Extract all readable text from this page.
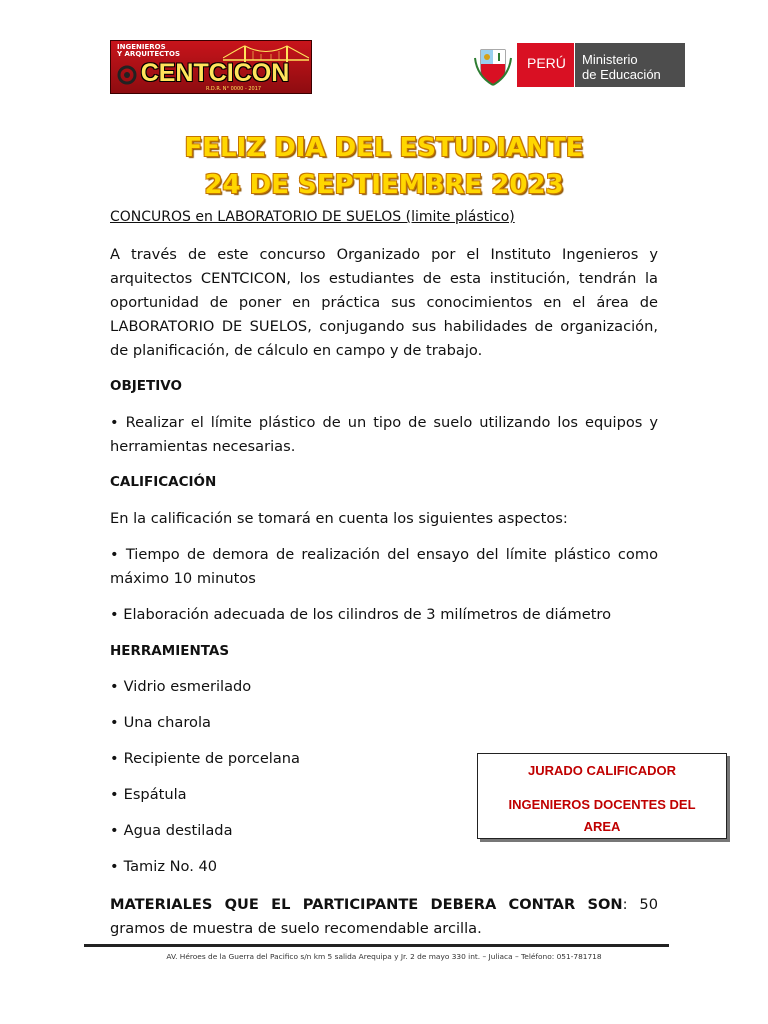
INGENIEROS
Y ARQUITECTOS
CENTCICON
R.D.R. N° 0000 - 2017
PERÚ Ministerio
de Educación
FELIZ DIA DEL ESTUDIANTE
24 DE SEPTIEMBRE 2023
CONCUROS en LABORATORIO DE SUELOS (limite plástico)
A través de este concurso Organizado por el Instituto Ingenieros y arquitectos CENTCICON, los estudiantes de esta institución, tendrán la oportunidad de poner en práctica sus conocimientos en el área de LABORATORIO DE SUELOS, conjugando sus habilidades de organización, de planificación, de cálculo en campo y de trabajo.
OBJETIVO
• Realizar el límite plástico de un tipo de suelo utilizando los equipos y herramientas necesarias.
CALIFICACIÓN
En la calificación se tomará en cuenta los siguientes aspectos:
• Tiempo de demora de realización del ensayo del límite plástico como máximo 10 minutos
• Elaboración adecuada de los cilindros de 3 milímetros de diámetro
HERRAMIENTAS
• Vidrio esmerilado
• Una charola
• Recipiente de porcelana
• Espátula
• Agua destilada
• Tamiz No. 40
JURADO CALIFICADOR
INGENIEROS DOCENTES DEL
AREA
MATERIALES QUE EL PARTICIPANTE DEBERA CONTAR SON: 50 gramos de muestra de suelo recomendable arcilla.
AV. Héroes de la Guerra del Pacifico s/n km 5 salida Arequipa y Jr. 2 de mayo 330 int. – Juliaca – Teléfono: 051-781718
